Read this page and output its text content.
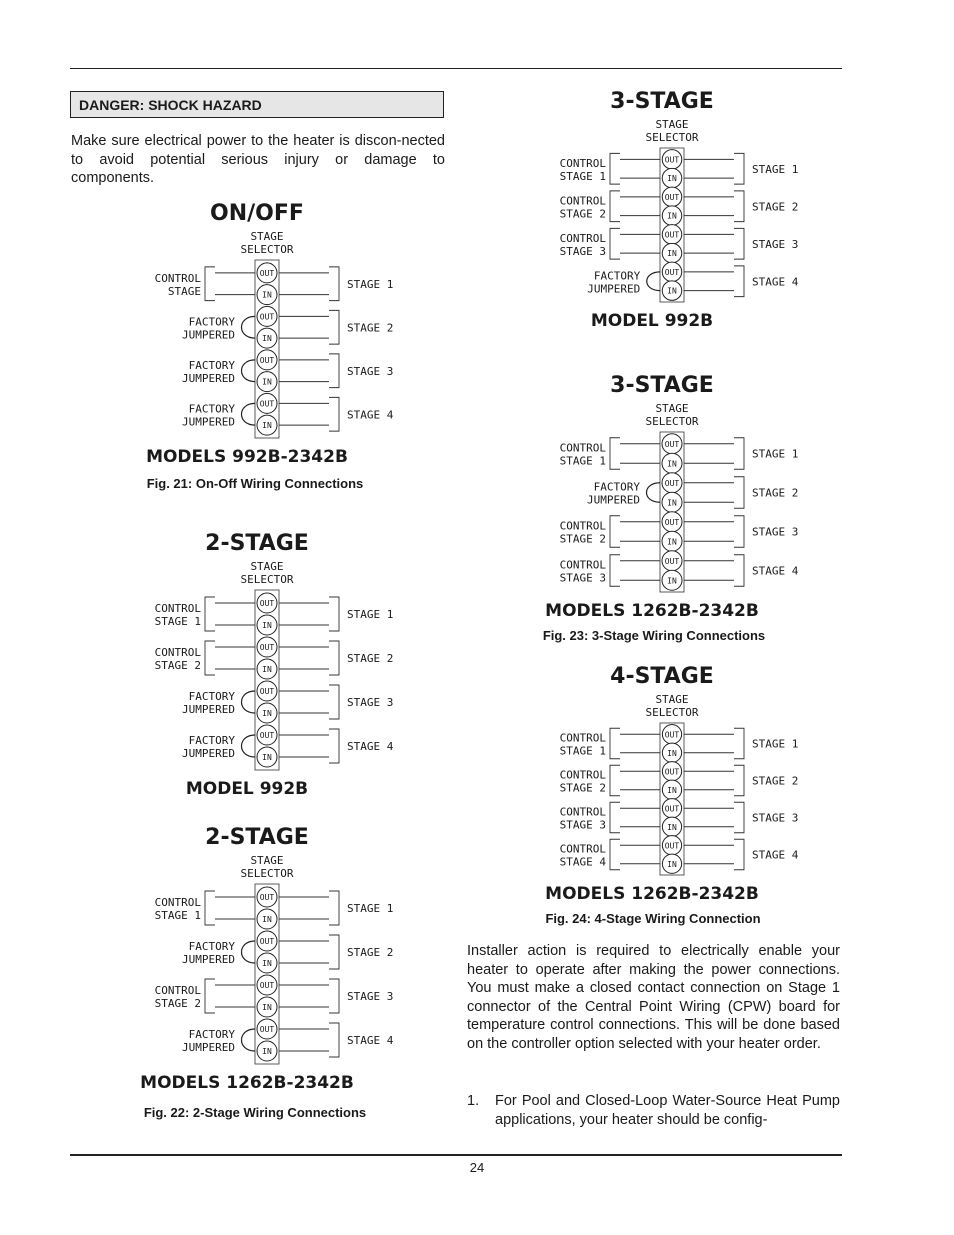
DANGER: SHOCK HAZARD
Make sure electrical power to the heater is discon-nected to avoid potential serious injury or damage to components.
ON/OFF
STAGE
SELECTOR
OUT
IN
STAGE 1
CONTROL
STAGE
OUT
IN
STAGE 2
FACTORY
JUMPERED
OUT
IN
STAGE 3
FACTORY
JUMPERED
OUT
IN
STAGE 4
FACTORY
JUMPERED
MODELS 992B-2342B
Fig. 21: On-Off Wiring Connections
2-STAGE
STAGE
SELECTOR
OUT
IN
STAGE 1
CONTROL
STAGE 1
OUT
IN
STAGE 2
CONTROL
STAGE 2
OUT
IN
STAGE 3
FACTORY
JUMPERED
OUT
IN
STAGE 4
FACTORY
JUMPERED
MODEL 992B
2-STAGE
STAGE
SELECTOR
OUT
IN
STAGE 1
CONTROL
STAGE 1
OUT
IN
STAGE 2
FACTORY
JUMPERED
OUT
IN
STAGE 3
CONTROL
STAGE 2
OUT
IN
STAGE 4
FACTORY
JUMPERED
MODELS 1262B-2342B
Fig. 22: 2-Stage Wiring Connections
3-STAGE
STAGE
SELECTOR
OUT
IN
STAGE 1
CONTROL
STAGE 1
OUT
IN
STAGE 2
CONTROL
STAGE 2
OUT
IN
STAGE 3
CONTROL
STAGE 3
OUT
IN
STAGE 4
FACTORY
JUMPERED
MODEL 992B
3-STAGE
STAGE
SELECTOR
OUT
IN
STAGE 1
CONTROL
STAGE 1
OUT
IN
STAGE 2
FACTORY
JUMPERED
OUT
IN
STAGE 3
CONTROL
STAGE 2
OUT
IN
STAGE 4
CONTROL
STAGE 3
MODELS 1262B-2342B
Fig. 23: 3-Stage Wiring Connections
4-STAGE
STAGE
SELECTOR
OUT
IN
STAGE 1
CONTROL
STAGE 1
OUT
IN
STAGE 2
CONTROL
STAGE 2
OUT
IN
STAGE 3
CONTROL
STAGE 3
OUT
IN
STAGE 4
CONTROL
STAGE 4
MODELS 1262B-2342B
Fig. 24: 4-Stage Wiring Connection
Installer action is required to electrically enable your heater to operate after making the power connections. You must make a closed contact connection on Stage 1 connector of the Central Point Wiring (CPW) board for temperature control connections. This will be done based on the controller option selected with your heater order.
1. For Pool and Closed-Loop Water-Source Heat Pump applications, your heater should be config-
24
